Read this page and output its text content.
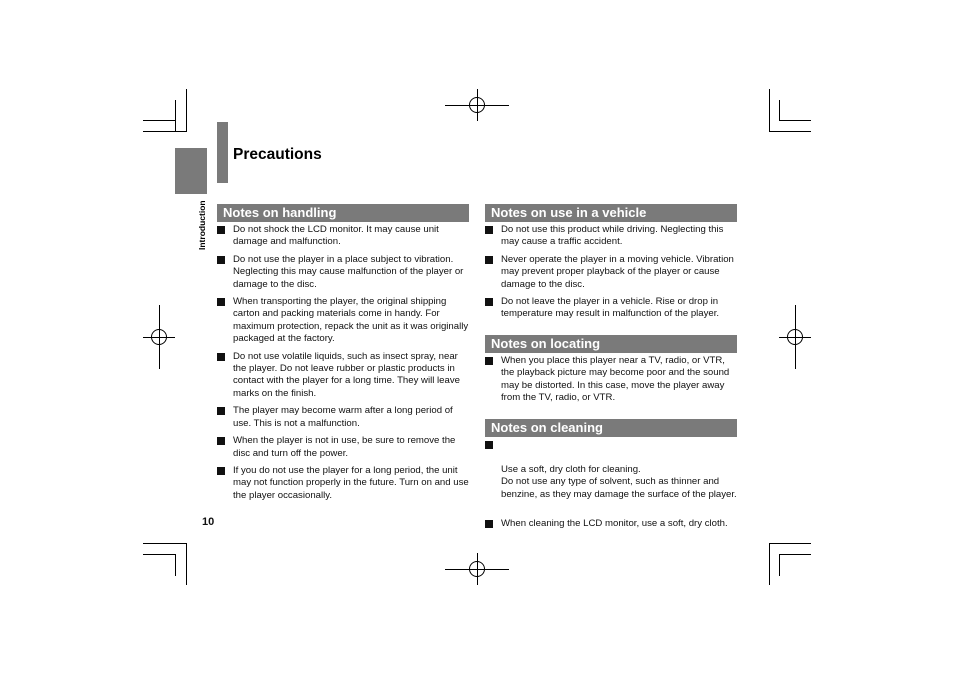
Introduction
Precautions
Notes on handling
Do not shock the LCD monitor. It may cause unit damage and malfunction.
Do not use the player in a place subject to vibration. Neglecting this may cause malfunction of the player or damage to the disc.
When transporting the player, the original shipping carton and packing materials come in handy. For maximum protection, repack the unit as it was originally packaged at the factory.
Do not use volatile liquids, such as insect spray, near the player. Do not leave rubber or plastic products in contact with the player for a long time. They will leave marks on the finish.
The player may become warm after a long period of use. This is not a malfunction.
When the player is not in use, be sure to remove the disc and turn off the power.
If you do not use the player for a long period, the unit may not function properly in the future. Turn on and use the player occasionally.
Notes on use in a vehicle
Do not use this product while driving. Neglecting this may cause a traffic accident.
Never operate the player in a moving vehicle. Vibration may prevent proper playback of the player or cause damage to the disc.
Do not leave the player in a vehicle. Rise or drop in temperature may result in malfunction of the player.
Notes on locating
When you place this player near a TV, radio, or VTR, the playback picture may become poor and the sound may be distorted. In this case, move the player away from the TV, radio, or VTR.
Notes on cleaning

Use a soft, dry cloth for cleaning.
Do not use any type of solvent, such as thinner and benzine, as they may damage the surface of the player.

When cleaning the LCD monitor, use a soft, dry cloth.
10
